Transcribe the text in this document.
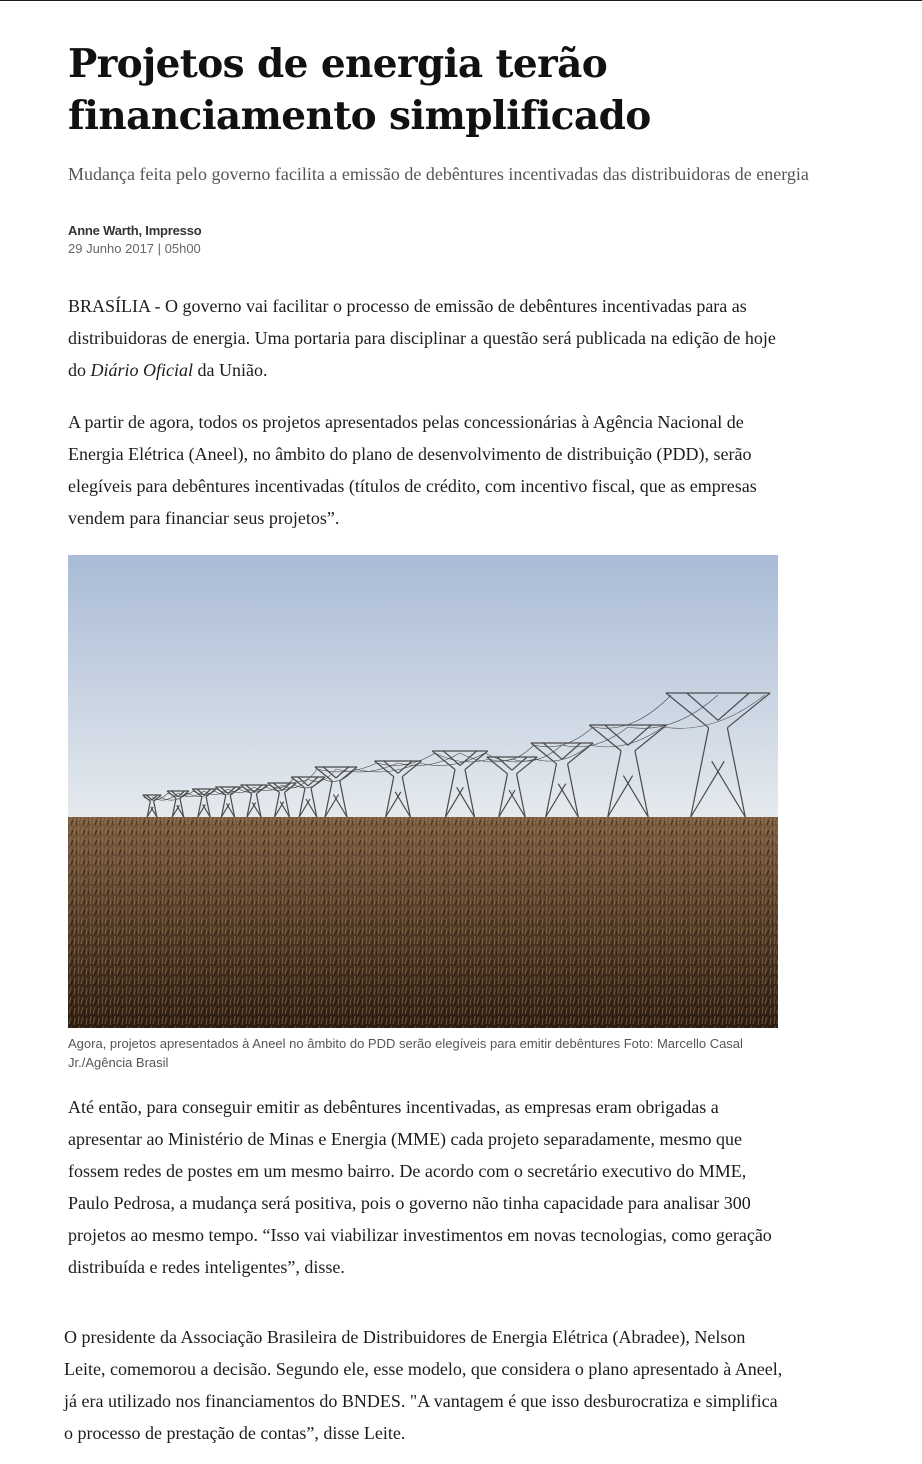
Projetos de energia terão financiamento simplificado
Mudança feita pelo governo facilita a emissão de debêntures incentivadas das distribuidoras de energia
Anne Warth, Impresso
29 Junho 2017 | 05h00

BRASÍLIA - O governo vai facilitar o processo de emissão de debêntures incentivadas para as distribuidoras de energia. Uma portaria para disciplinar a questão será publicada na edição de hoje do Diário Oficial da União.

A partir de agora, todos os projetos apresentados pelas concessionárias à Agência Nacional de Energia Elétrica (Aneel), no âmbito do plano de desenvolvimento de distribuição (PDD), serão elegíveis para debêntures incentivadas (títulos de crédito, com incentivo fiscal, que as empresas vendem para financiar seus projetos”.

Agora, projetos apresentados à Aneel no âmbito do PDD serão elegíveis para emitir debêntures Foto: Marcello Casal Jr./Agência Brasil

Até então, para conseguir emitir as debêntures incentivadas, as empresas eram obrigadas a apresentar ao Ministério de Minas e Energia (MME) cada projeto separadamente, mesmo que fossem redes de postes em um mesmo bairro. De acordo com o secretário executivo do MME, Paulo Pedrosa, a mudança será positiva, pois o governo não tinha capacidade para analisar 300 projetos ao mesmo tempo. “Isso vai viabilizar investimentos em novas tecnologias, como geração distribuída e redes inteligentes”, disse.

O presidente da Associação Brasileira de Distribuidores de Energia Elétrica (Abradee), Nelson Leite, comemorou a decisão. Segundo ele, esse modelo, que considera o plano apresentado à Aneel, já era utilizado nos financiamentos do BNDES. "A vantagem é que isso desburocratiza e simplifica o processo de prestação de contas”, disse Leite.
